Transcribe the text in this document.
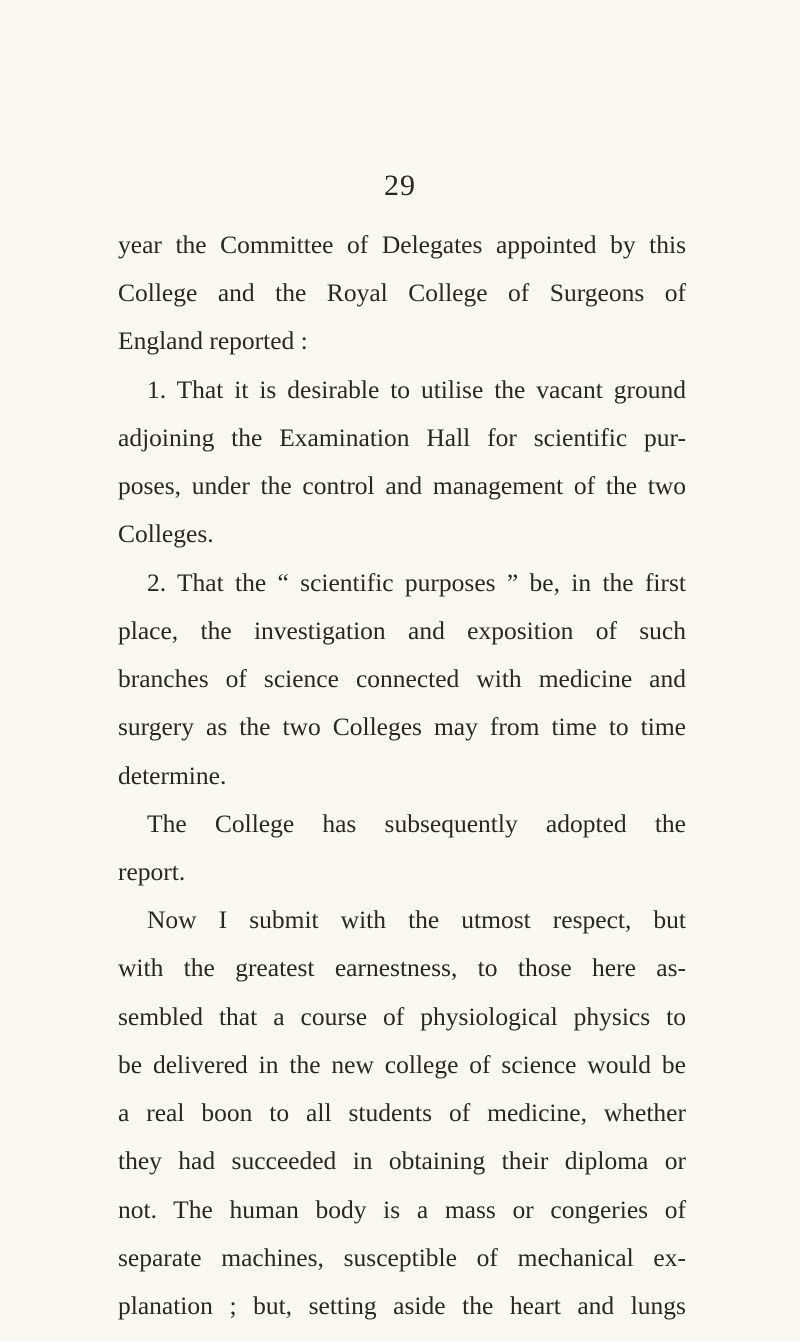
29
year the Committee of Delegates appointed by this
College and the Royal College of Surgeons of
England reported :
1. That it is desirable to utilise the vacant ground
adjoining the Examination Hall for scientific pur-
poses, under the control and management of the two
Colleges.
2. That the “ scientific purposes ” be, in the first
place, the investigation and exposition of such
branches of science connected with medicine and
surgery as the two Colleges may from time to time
determine.
The College has subsequently adopted the
report.
Now I submit with the utmost respect, but
with the greatest earnestness, to those here as-
sembled that a course of physiological physics to
be delivered in the new college of science would be
a real boon to all students of medicine, whether
they had succeeded in obtaining their diploma or
not. The human body is a mass or congeries of
separate machines, susceptible of mechanical ex-
planation ; but, setting aside the heart and lungs
